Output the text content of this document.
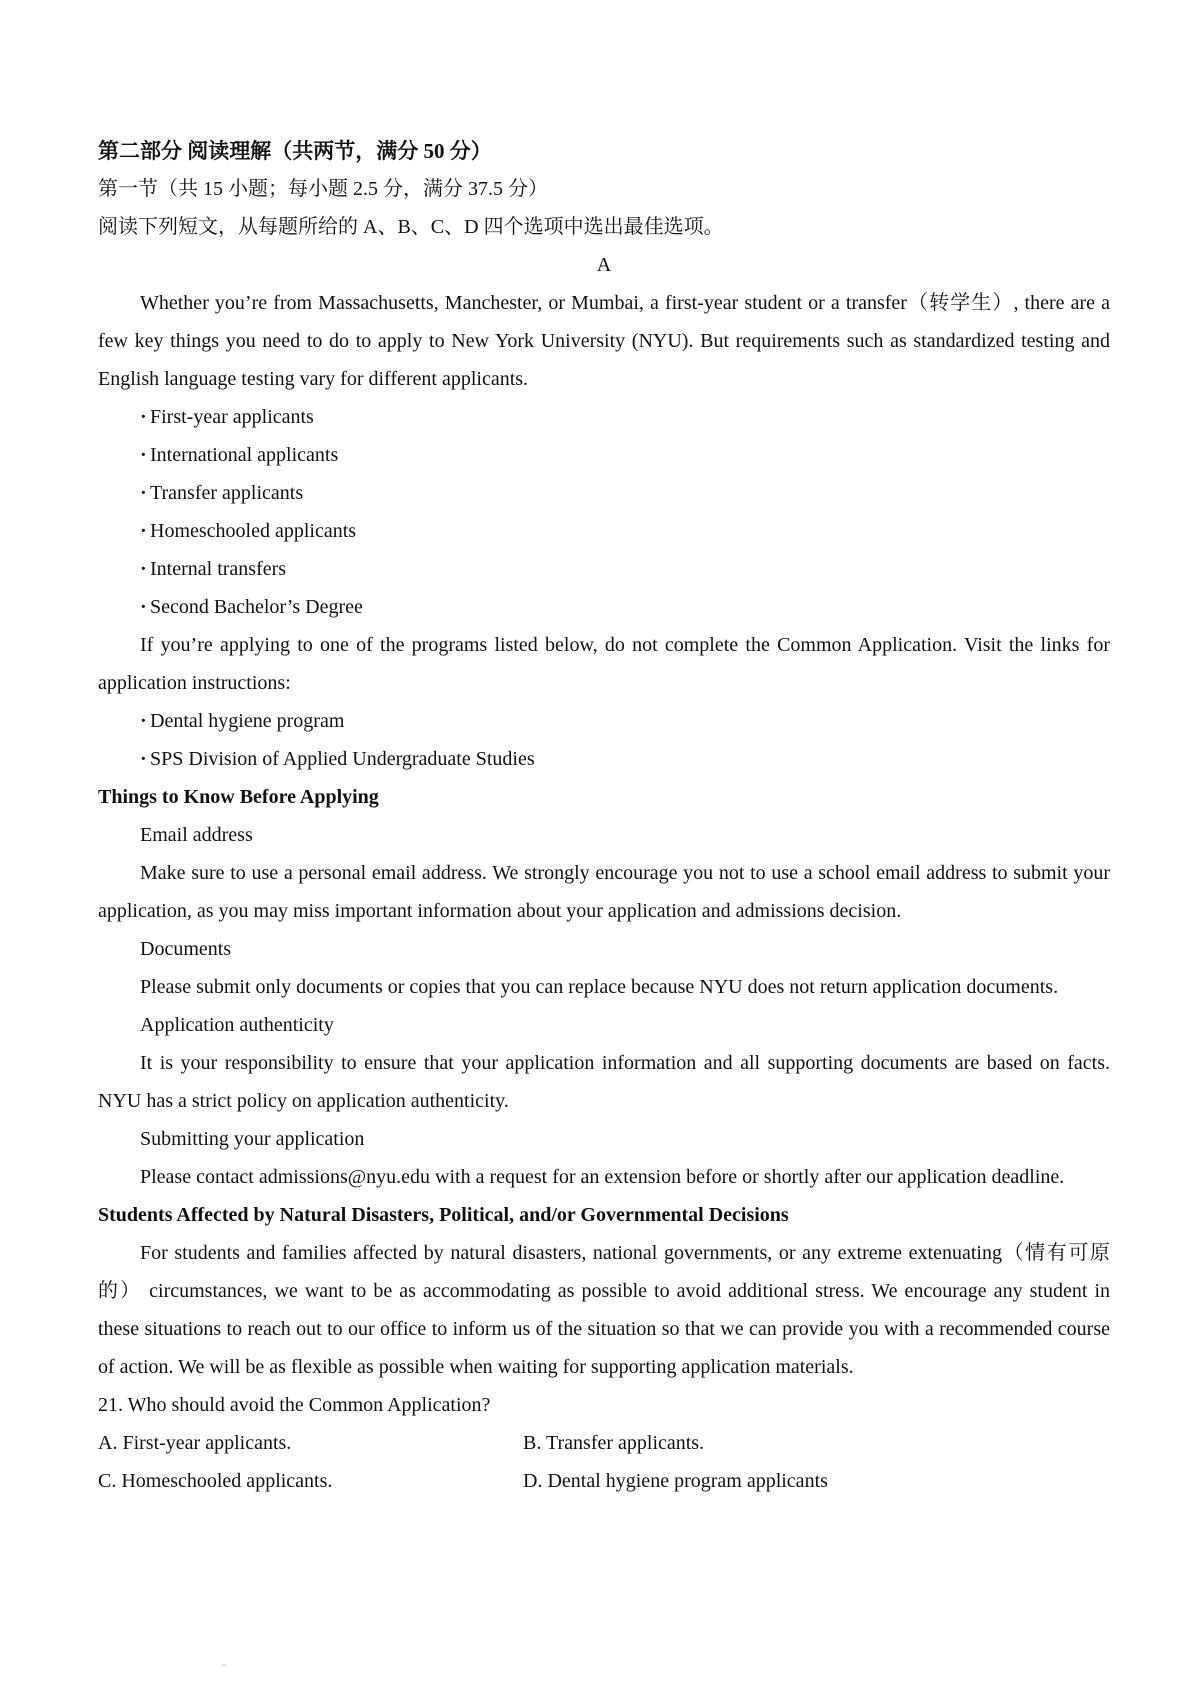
第二部分 阅读理解（共两节，满分 50 分）

第一节（共 15 小题；每小题 2.5 分，满分 37.5 分）

阅读下列短文，从每题所给的 A、B、C、D 四个选项中选出最佳选项。

A

Whether you’re from Massachusetts, Manchester, or Mumbai, a first-year student or a transfer（转学生）, there are a few key things you need to do to apply to New York University (NYU). But requirements such as standardized testing and English language testing vary for different applicants.

· First-year applicants

· International applicants

· Transfer applicants

· Homeschooled applicants

· Internal transfers

· Second Bachelor’s Degree

If you’re applying to one of the programs listed below, do not complete the Common Application. Visit the links for application instructions:

· Dental hygiene program

· SPS Division of Applied Undergraduate Studies

Things to Know Before Applying

Email address

Make sure to use a personal email address. We strongly encourage you not to use a school email address to submit your application, as you may miss important information about your application and admissions decision.

Documents

Please submit only documents or copies that you can replace because NYU does not return application documents.

Application authenticity

It is your responsibility to ensure that your application information and all supporting documents are based on facts. NYU has a strict policy on application authenticity.

Submitting your application

Please contact admissions@nyu.edu with a request for an extension before or shortly after our application deadline.

Students Affected by Natural Disasters, Political, and/or Governmental Decisions

For students and families affected by natural disasters, national governments, or any extreme extenuating（情有可原的） circumstances, we want to be as accommodating as possible to avoid additional stress. We encourage any student in these situations to reach out to our office to inform us of the situation so that we can provide you with a recommended course of action. We will be as flexible as possible when waiting for supporting application materials.

21. Who should avoid the Common Application?

A. First-year applicants.	B. Transfer applicants.
C. Homeschooled applicants.	D. Dental hygiene program applicants
